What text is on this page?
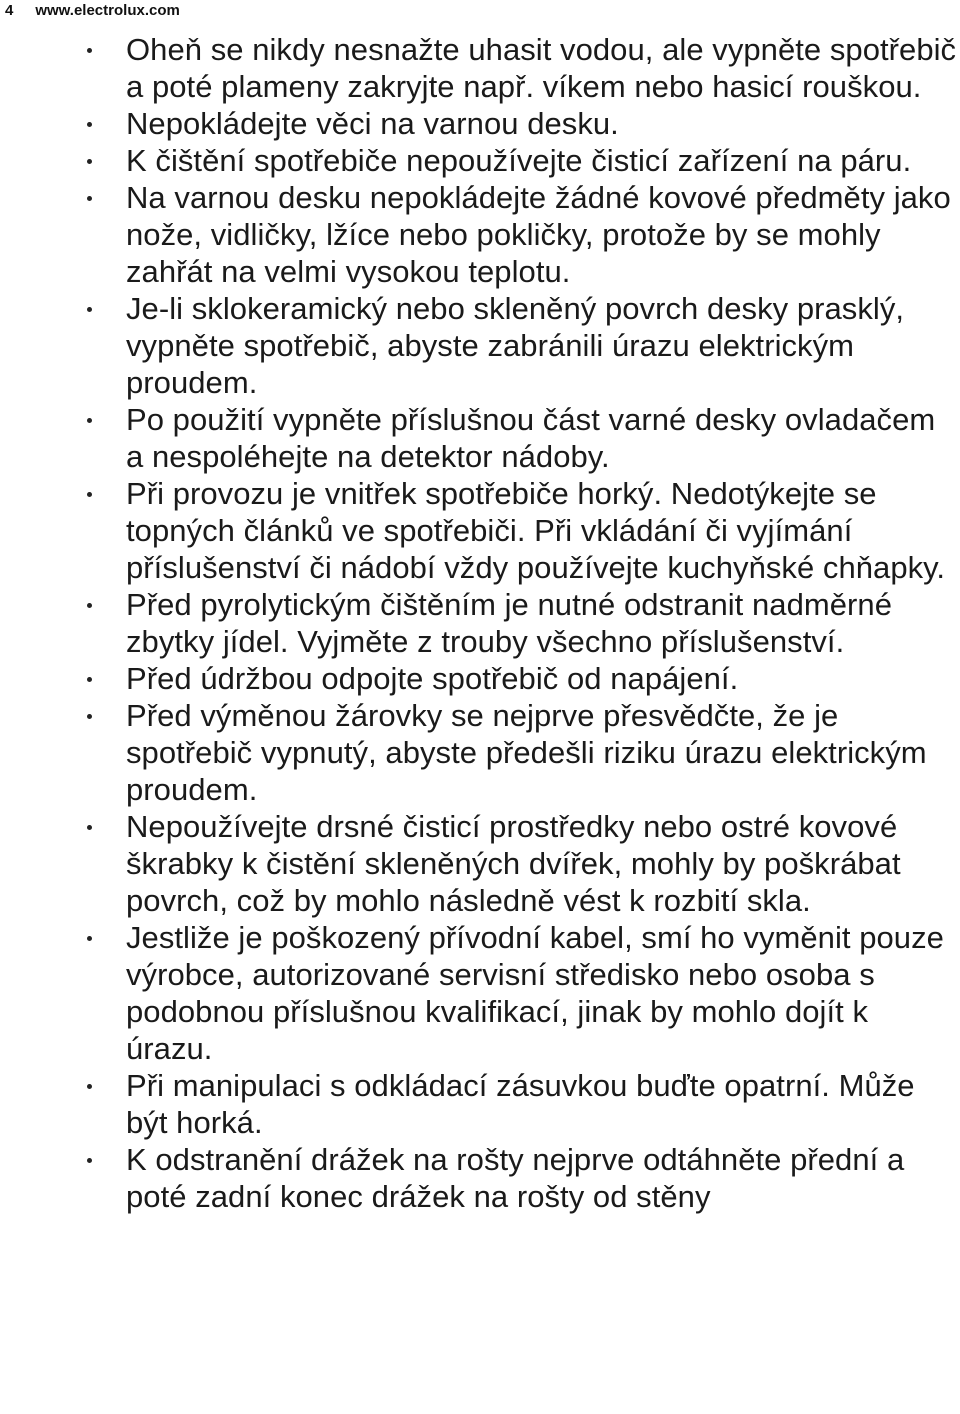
4 www.electrolux.com
Oheň se nikdy nesnažte uhasit vodou, ale vypněte spotřebič a poté plameny zakryjte např. víkem nebo hasicí rouškou.
Nepokládejte věci na varnou desku.
K čištění spotřebiče nepoužívejte čisticí zařízení na páru.
Na varnou desku nepokládejte žádné kovové předměty jako nože, vidličky, lžíce nebo pokličky, protože by se mohly zahřát na velmi vysokou teplotu.
Je-li sklokeramický nebo skleněný povrch desky prasklý, vypněte spotřebič, abyste zabránili úrazu elektrickým proudem.
Po použití vypněte příslušnou část varné desky ovladačem a nespoléhejte na detektor nádoby.
Při provozu je vnitřek spotřebiče horký. Nedotýkejte se topných článků ve spotřebiči. Při vkládání či vyjímání příslušenství či nádobí vždy používejte kuchyňské chňapky.
Před pyrolytickým čištěním je nutné odstranit nadměrné zbytky jídel. Vyjměte z trouby všechno příslušenství.
Před údržbou odpojte spotřebič od napájení.
Před výměnou žárovky se nejprve přesvědčte, že je spotřebič vypnutý, abyste předešli riziku úrazu elektrickým proudem.
Nepoužívejte drsné čisticí prostředky nebo ostré kovové škrabky k čistění skleněných dvířek, mohly by poškrábat povrch, což by mohlo následně vést k rozbití skla.
Jestliže je poškozený přívodní kabel, smí ho vyměnit pouze výrobce, autorizované servisní středisko nebo osoba s podobnou příslušnou kvalifikací, jinak by mohlo dojít k úrazu.
Při manipulaci s odkládací zásuvkou buďte opatrní. Může být horká.
K odstranění drážek na rošty nejprve odtáhněte přední a poté zadní konec drážek na rošty od stěny
